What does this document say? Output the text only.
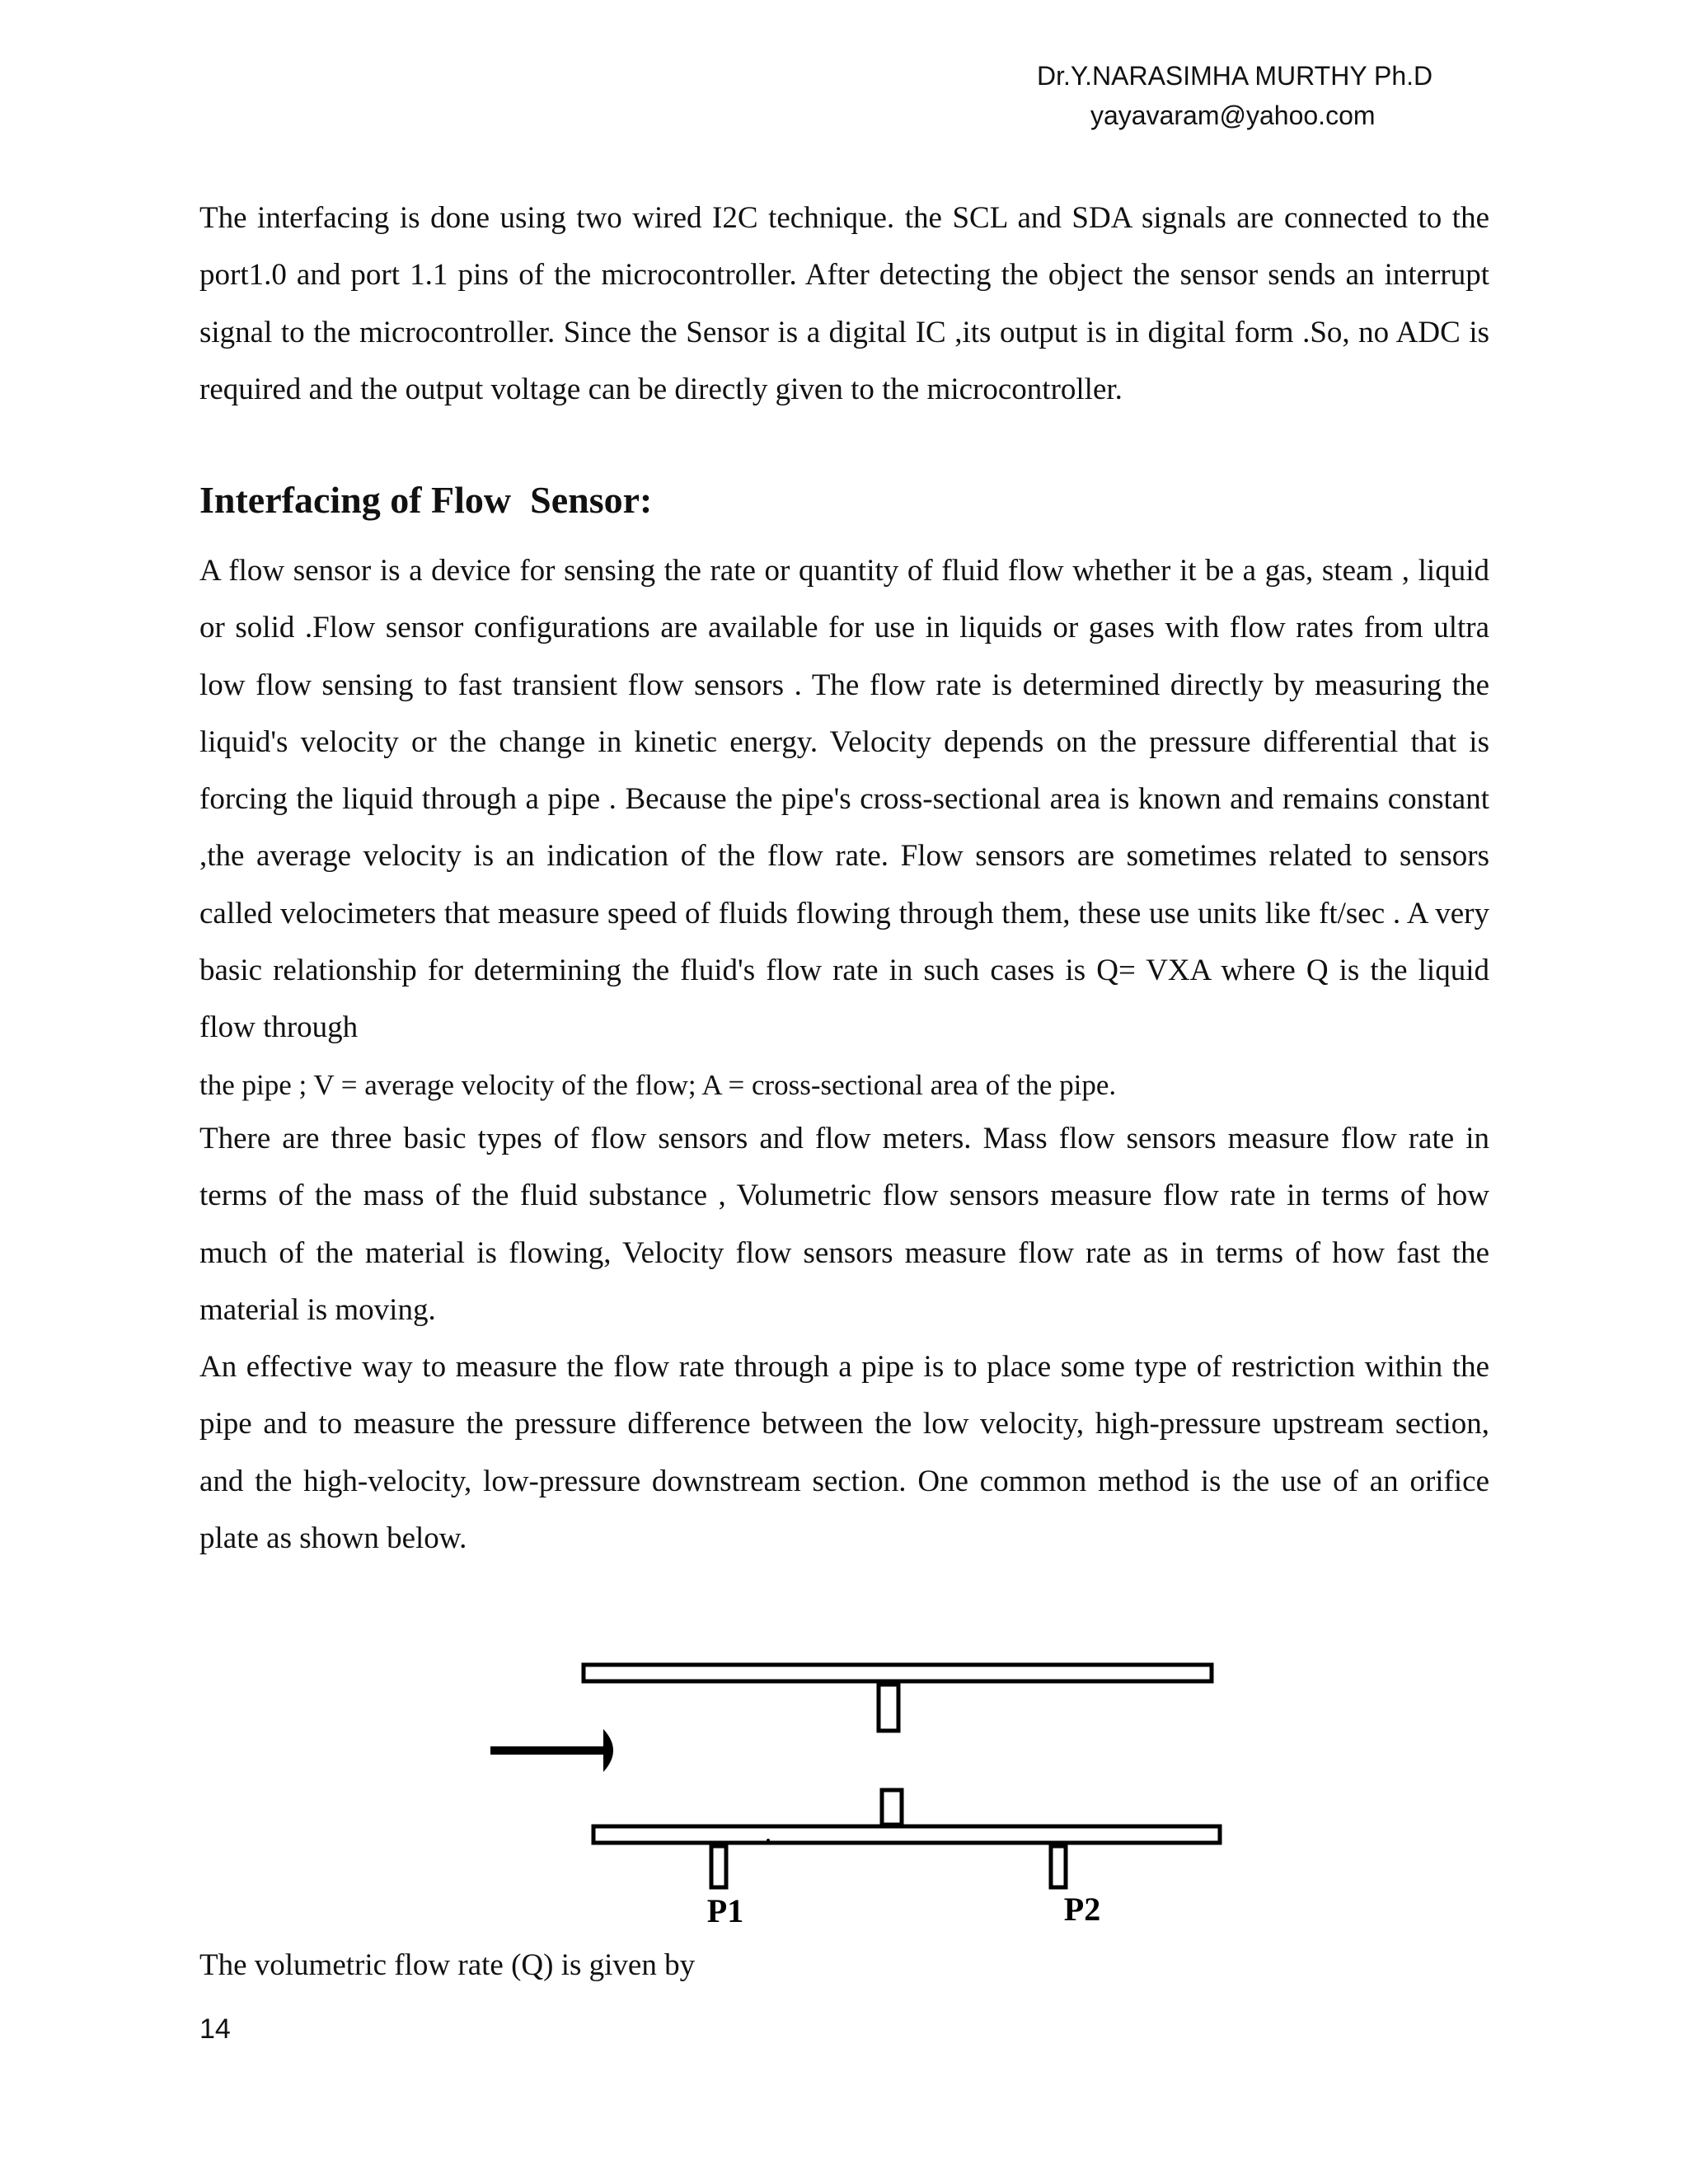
Dr.Y.NARASIMHA MURTHY Ph.D
yayavaram@yahoo.com

The interfacing is done using two wired I2C technique. the SCL and SDA signals are connected to the port1.0 and port 1.1 pins of the microcontroller. After detecting the object the sensor sends an interrupt signal to the microcontroller. Since the Sensor is a digital IC ,its output is in digital form .So, no ADC is required and the output voltage can be directly given to the microcontroller.

Interfacing of Flow  Sensor:

A flow sensor is a device for sensing the rate or quantity of fluid flow whether it be a gas, steam , liquid or solid .Flow sensor configurations are available for use in liquids or gases with flow rates from ultra low flow sensing to fast transient flow sensors . The flow rate is determined directly by measuring the liquid's velocity or the change in kinetic energy. Velocity depends on the pressure differential that is forcing the liquid through a pipe . Because the pipe's cross-sectional area is known and remains constant ,the average velocity is an indication of the flow rate. Flow sensors are sometimes related to sensors called velocimeters that measure speed of fluids flowing through them, these use units like ft/sec . A very basic relationship for determining the fluid's flow rate in such cases is Q= VXA where Q is the liquid flow through

the pipe ; V = average velocity of the flow; A = cross-sectional area of the pipe.

There are three basic types of flow sensors and flow meters. Mass flow sensors measure flow rate in terms of the mass of the fluid substance , Volumetric flow sensors measure flow rate in terms of how much of the material is flowing, Velocity flow sensors measure flow rate as in terms of how fast the material is moving.

An effective way to measure the flow rate through a pipe is to place some type of restriction within the pipe and to measure the pressure difference between the low velocity, high-pressure upstream section, and the high-velocity, low-pressure downstream section. One common method is the use of an orifice plate as shown below.

P1	P2

The volumetric flow rate (Q) is given by

14
